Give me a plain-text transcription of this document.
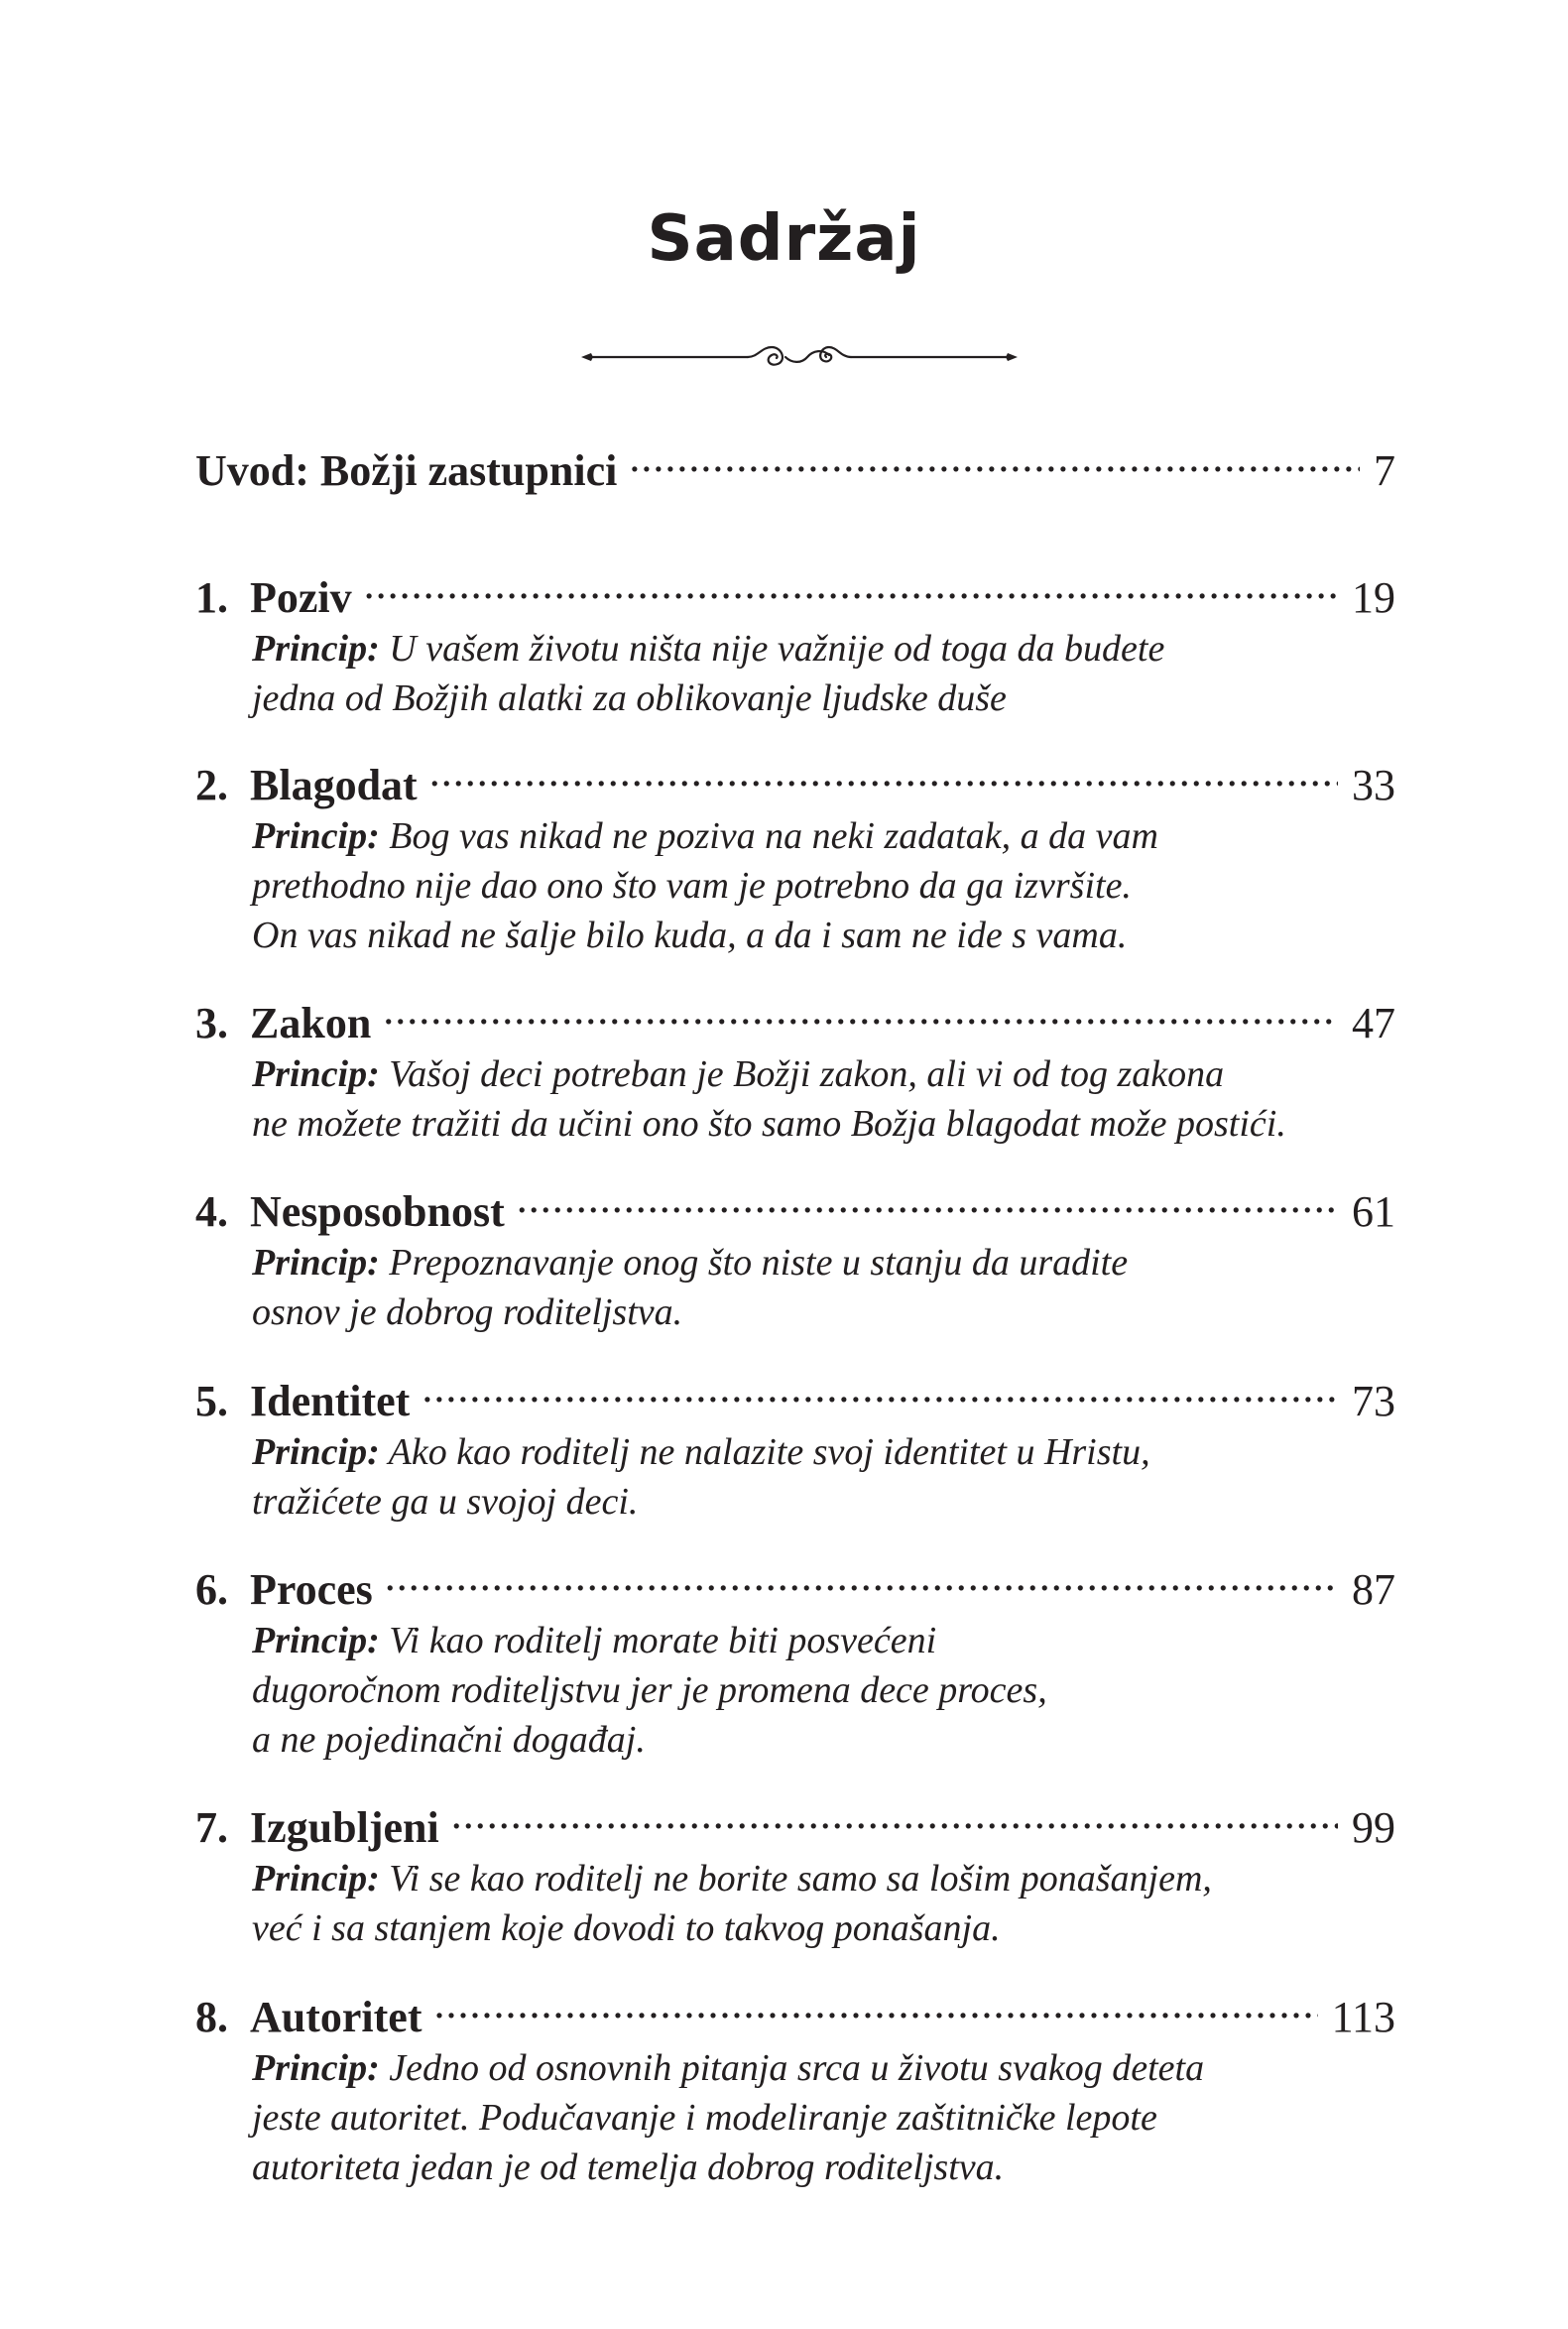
Sadržaj
Uvod: Božji zastupnici .....	7
1. Poziv .....	19
Princip: U vašem životu ništa nije važnije od toga da budete
jedna od Božjih alatki za oblikovanje ljudske duše
2. Blagodat .....	33
Princip: Bog vas nikad ne poziva na neki zadatak, a da vam
prethodno nije dao ono što vam je potrebno da ga izvršite.
On vas nikad ne šalje bilo kuda, a da i sam ne ide s vama.
3. Zakon .....	47
Princip: Vašoj deci potreban je Božji zakon, ali vi od tog zakona
ne možete tražiti da učini ono što samo Božja blagodat može postići.
4. Nesposobnost .....	61
Princip: Prepoznavanje onog što niste u stanju da uradite
osnov je dobrog roditeljstva.
5. Identitet .....	73
Princip: Ako kao roditelj ne nalazite svoj identitet u Hristu,
tražićete ga u svojoj deci.
6. Proces .....	87
Princip: Vi kao roditelj morate biti posvećeni
dugoročnom roditeljstvu jer je promena dece proces,
a ne pojedinačni događaj.
7. Izgubljeni .....	99
Princip: Vi se kao roditelj ne borite samo sa lošim ponašanjem,
već i sa stanjem koje dovodi to takvog ponašanja.
8. Autoritet .....	113
Princip: Jedno od osnovnih pitanja srca u životu svakog deteta
jeste autoritet. Podučavanje i modeliranje zaštitničke lepote
autoriteta jedan je od temelja dobrog roditeljstva.
